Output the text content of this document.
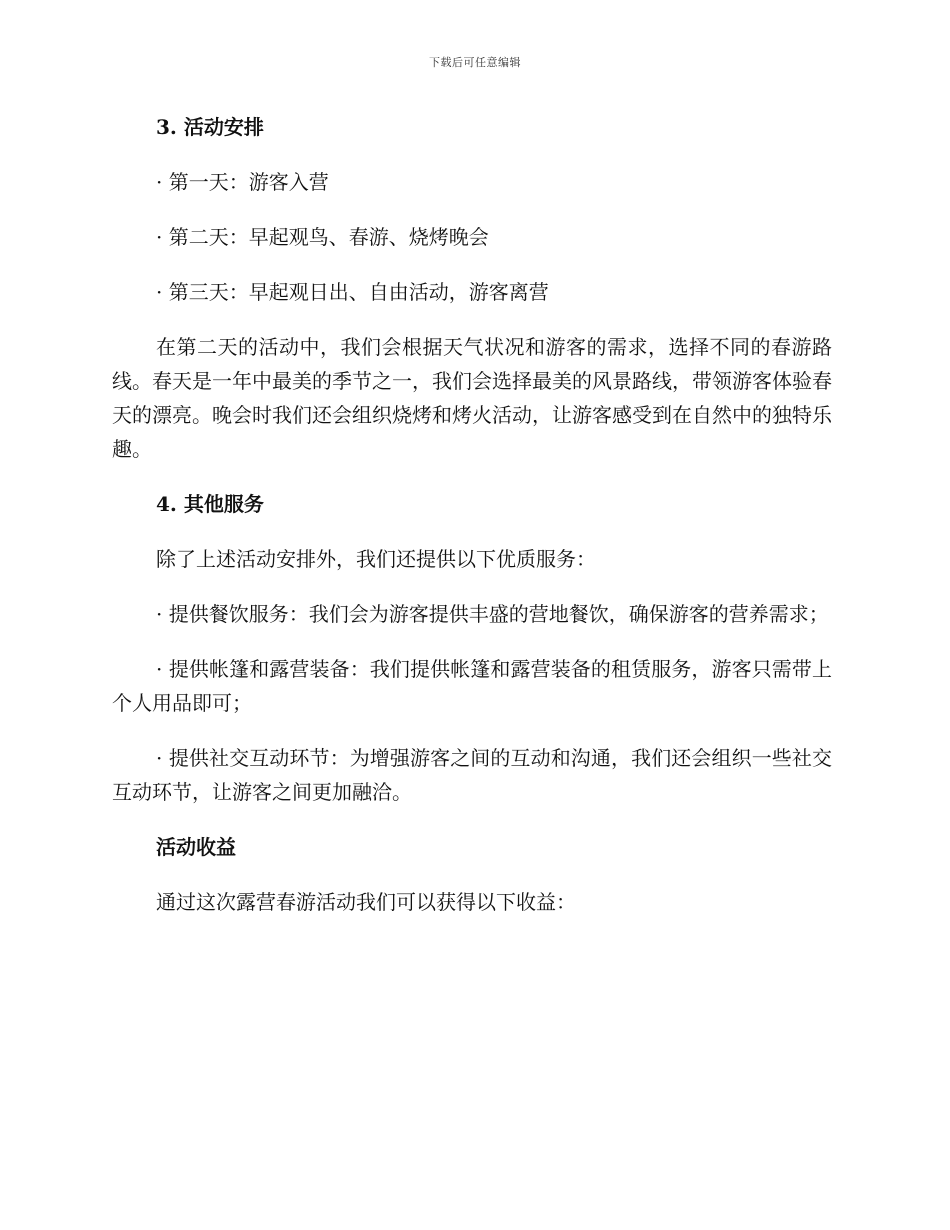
下载后可任意编辑
3. 活动安排
· 第一天：游客入营
· 第二天：早起观鸟、春游、烧烤晚会
· 第三天：早起观日出、自由活动，游客离营
在第二天的活动中，我们会根据天气状况和游客的需求，选择不同的春游路线。春天是一年中最美的季节之一，我们会选择最美的风景路线，带领游客体验春天的漂亮。晚会时我们还会组织烧烤和烤火活动，让游客感受到在自然中的独特乐趣。
4. 其他服务
除了上述活动安排外，我们还提供以下优质服务：
· 提供餐饮服务：我们会为游客提供丰盛的营地餐饮，确保游客的营养需求；
· 提供帐篷和露营装备：我们提供帐篷和露营装备的租赁服务，游客只需带上个人用品即可；
· 提供社交互动环节：为增强游客之间的互动和沟通，我们还会组织一些社交互动环节，让游客之间更加融洽。
活动收益
通过这次露营春游活动我们可以获得以下收益：
